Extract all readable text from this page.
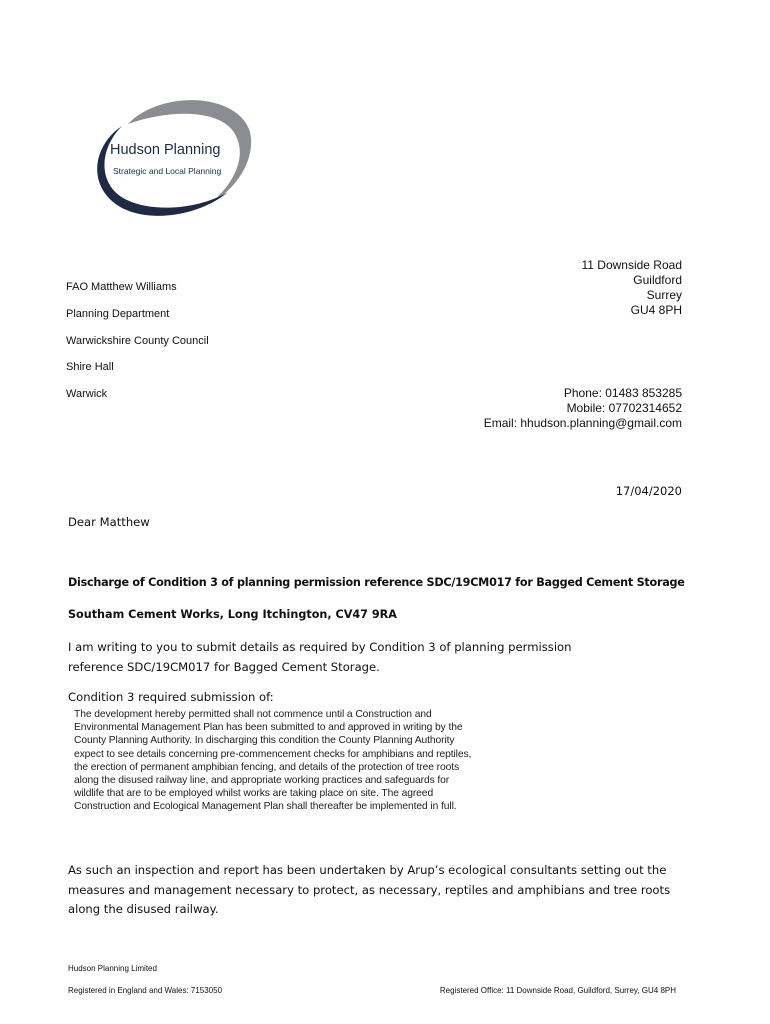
Hudson Planning
Strategic and Local Planning
FAO Matthew Williams
Planning Department
Warwickshire County Council
Shire Hall
Warwick
11 Downside Road
Guildford
Surrey
GU4 8PH
Phone: 01483 853285
Mobile: 07702314652
Email: hhudson.planning@gmail.com
17/04/2020
Dear Matthew
Discharge of Condition 3 of planning permission reference SDC/19CM017 for Bagged Cement Storage
Southam Cement Works, Long Itchington, CV47 9RA
I am writing to you to submit details as required by Condition 3 of planning permission reference SDC/19CM017 for Bagged Cement Storage.
Condition 3 required submission of:
The development hereby permitted shall not commence until a Construction and Environmental Management Plan has been submitted to and approved in writing by the County Planning Authority. In discharging this condition the County Planning Authority expect to see details concerning pre-commencement checks for amphibians and reptiles, the erection of permanent amphibian fencing, and details of the protection of tree roots along the disused railway line, and appropriate working practices and safeguards for wildlife that are to be employed whilst works are taking place on site. The agreed Construction and Ecological Management Plan shall thereafter be implemented in full.
As such an inspection and report has been undertaken by Arup’s ecological consultants setting out the measures and management necessary to protect, as necessary, reptiles and amphibians and tree roots along the disused railway.
Hudson Planning Limited
Registered in England and Wales: 7153050	Registered Office: 11 Downside Road, Guildford, Surrey, GU4 8PH
